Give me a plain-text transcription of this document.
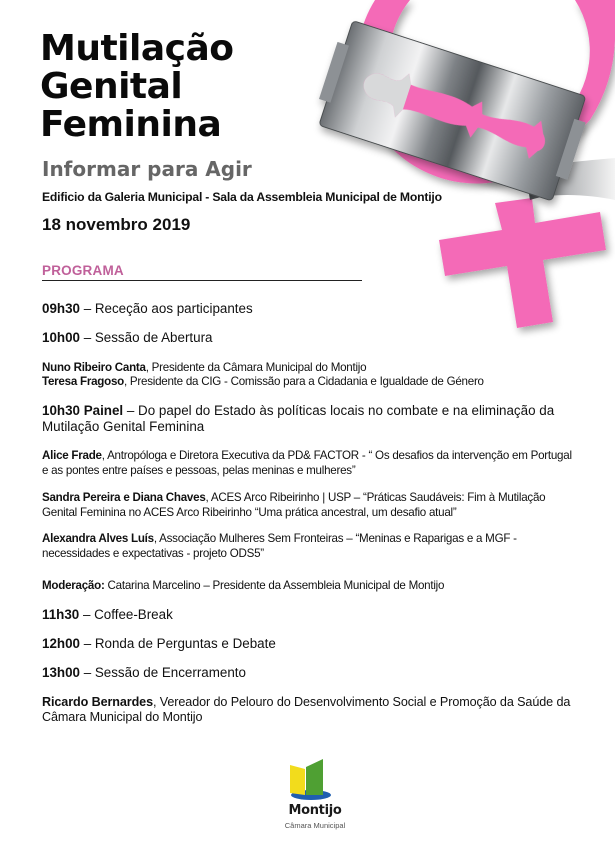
Mutilação
Genital
Feminina
Informar para Agir
Edificio da Galeria Municipal - Sala da Assembleia Municipal de Montijo
18 novembro 2019
PROGRAMA
09h30 – Receção aos participantes
10h00 – Sessão de Abertura
Nuno Ribeiro Canta, Presidente da Câmara Municipal do Montijo
Teresa Fragoso, Presidente da CIG - Comissão para a Cidadania e Igualdade de Género
10h30 Painel – Do papel do Estado às políticas locais no combate e na eliminação da Mutilação Genital Feminina
Alice Frade, Antropóloga e Diretora Executiva da PD& FACTOR - “ Os desafios da intervenção em Portugal e as pontes entre países e pessoas, pelas meninas e mulheres”
Sandra Pereira e Diana Chaves, ACES Arco Ribeirinho | USP – “Práticas Saudáveis: Fim à Mutilação Genital Feminina no ACES Arco Ribeirinho “Uma prática ancestral, um desafio atual”
Alexandra Alves Luís, Associação Mulheres Sem Fronteiras – “Meninas e Raparigas e a MGF - necessidades e expectativas - projeto ODS5”
Moderação: Catarina Marcelino – Presidente da Assembleia Municipal de Montijo
11h30 – Coffee-Break
12h00 – Ronda de Perguntas e Debate
13h00 – Sessão de Encerramento
Ricardo Bernardes, Vereador do Pelouro do Desenvolvimento Social e Promoção da Saúde da Câmara Municipal do Montijo
Montijo
Câmara Municipal
